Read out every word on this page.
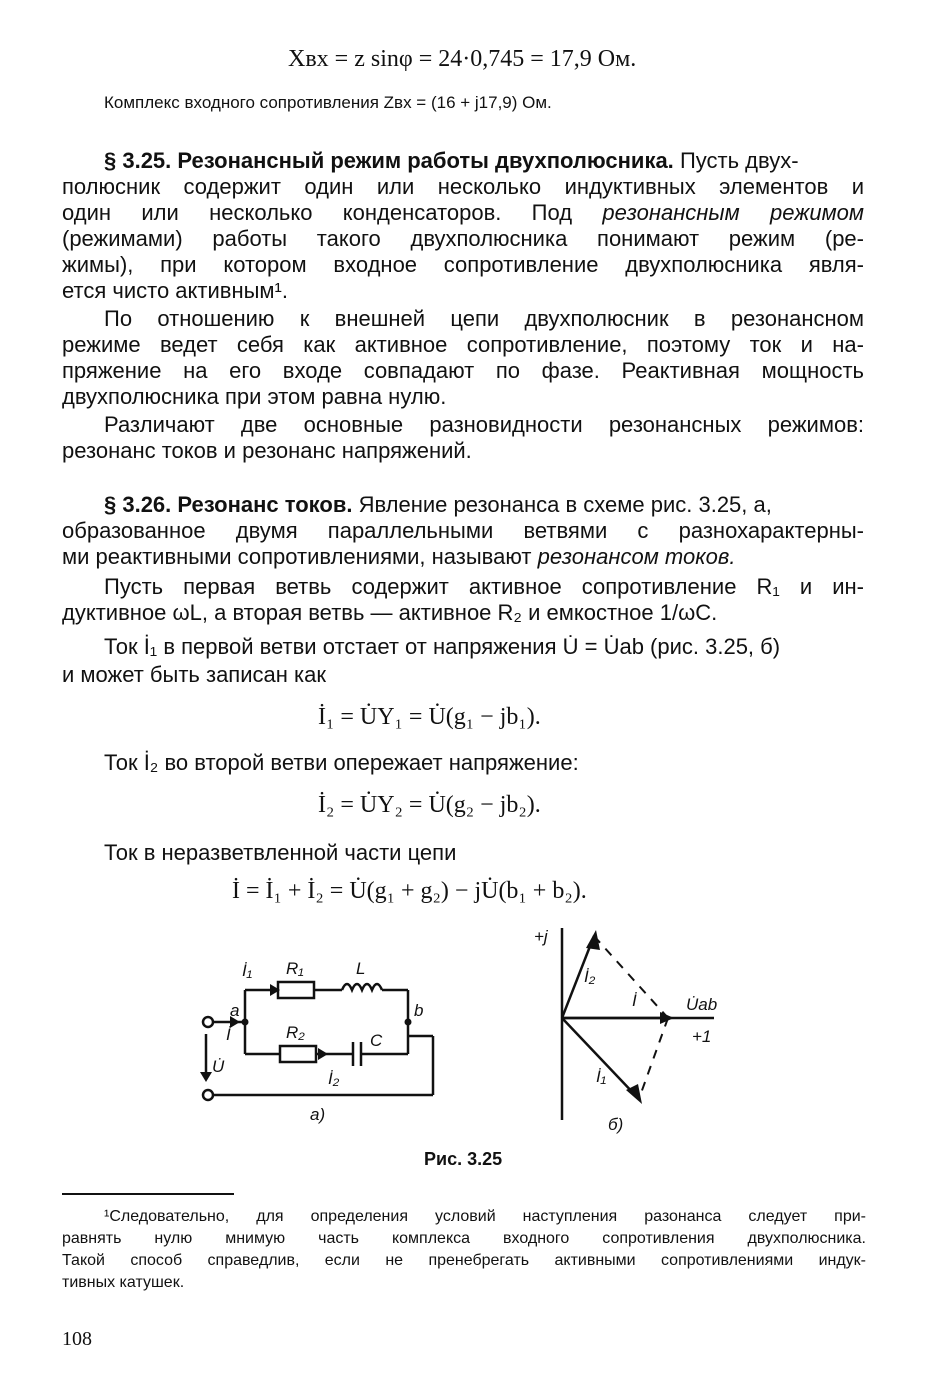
Xвх = z sinφ = 24·0,745 = 17,9 Ом.
Комплекс входного сопротивления Zвх = (16 + j17,9) Ом.
§ 3.25. Резонансный режим работы двухполюсника. Пусть двух-
полюсник содержит один или несколько индуктивных элементов и
один или несколько конденсаторов. Под резонансным режимом
(режимами) работы такого двухполюсника понимают режим (ре-
жимы), при котором входное сопротивление двухполюсника явля-
ется чисто активным¹.
По отношению к внешней цепи двухполюсник в резонансном
режиме ведет себя как активное сопротивление, поэтому ток и на-
пряжение на его входе совпадают по фазе. Реактивная мощность
двухполюсника при этом равна нулю.
Различают две основные разновидности резонансных режимов:
резонанс токов и резонанс напряжений.
§ 3.26. Резонанс токов. Явление резонанса в схеме рис. 3.25, а,
образованное двумя параллельными ветвями с разнохарактерны-
ми реактивными сопротивлениями, называют резонансом токов.
Пусть первая ветвь содержит активное сопротивление R₁ и ин-
дуктивное ωL, а вторая ветвь — активное R₂ и емкостное 1/ωC.
Ток İ₁ в первой ветви отстает от напряжения U̇ = U̇ab (рис. 3.25, б)
и может быть записан как
İ₁ = U̇Y₁ = U̇(g₁ − jb₁).
Ток İ₂ во второй ветви опережает напряжение:
İ₂ = U̇Y₂ = U̇(g₂ − jb₂).
Ток в неразветвленной части цепи
İ = İ₁ + İ₂ = U̇(g₁ + g₂) − jU̇(b₁ + b₂).
İ₁ R₁	L
a	b
İ	R₂	C
U̇
İ₂
a)
+j
+1
İ₂
İ	U̇ab
İ₁
б)
Рис. 3.25
¹Следовательно, для определения условий наступления разонанса следует при-
равнять нулю мнимую часть комплекса входного сопротивления двухполюсника.
Такой способ справедлив, если не пренебрегать активными сопротивлениями индук-
тивных катушек.
108
